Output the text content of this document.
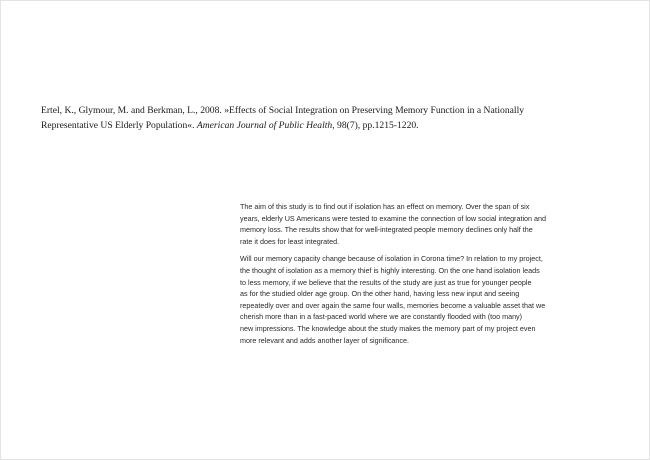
Ertel, K., Glymour, M. and Berkman, L., 2008. »Effects of Social Integration on Preserving Memory Function in a Nationally
Representative US Elderly Population«. American Journal of Public Health, 98(7), pp.1215-1220.

The aim of this study is to find out if isolation has an effect on memory. Over the span of six
years, elderly US Americans were tested to examine the connection of low social integration and
memory loss. The results show that for well-integrated people memory declines only half the
rate it does for least integrated.

Will our memory capacity change because of isolation in Corona time? In relation to my project,
the thought of isolation as a memory thief is highly interesting. On the one hand isolation leads
to less memory, if we believe that the results of the study are just as true for younger people
as for the studied older age group. On the other hand, having less new input and seeing
repeatedly over and over again the same four walls, memories become a valuable asset that we
cherish more than in a fast-paced world where we are constantly flooded with (too many)
new impressions. The knowledge about the study makes the memory part of my project even
more relevant and adds another layer of significance.
